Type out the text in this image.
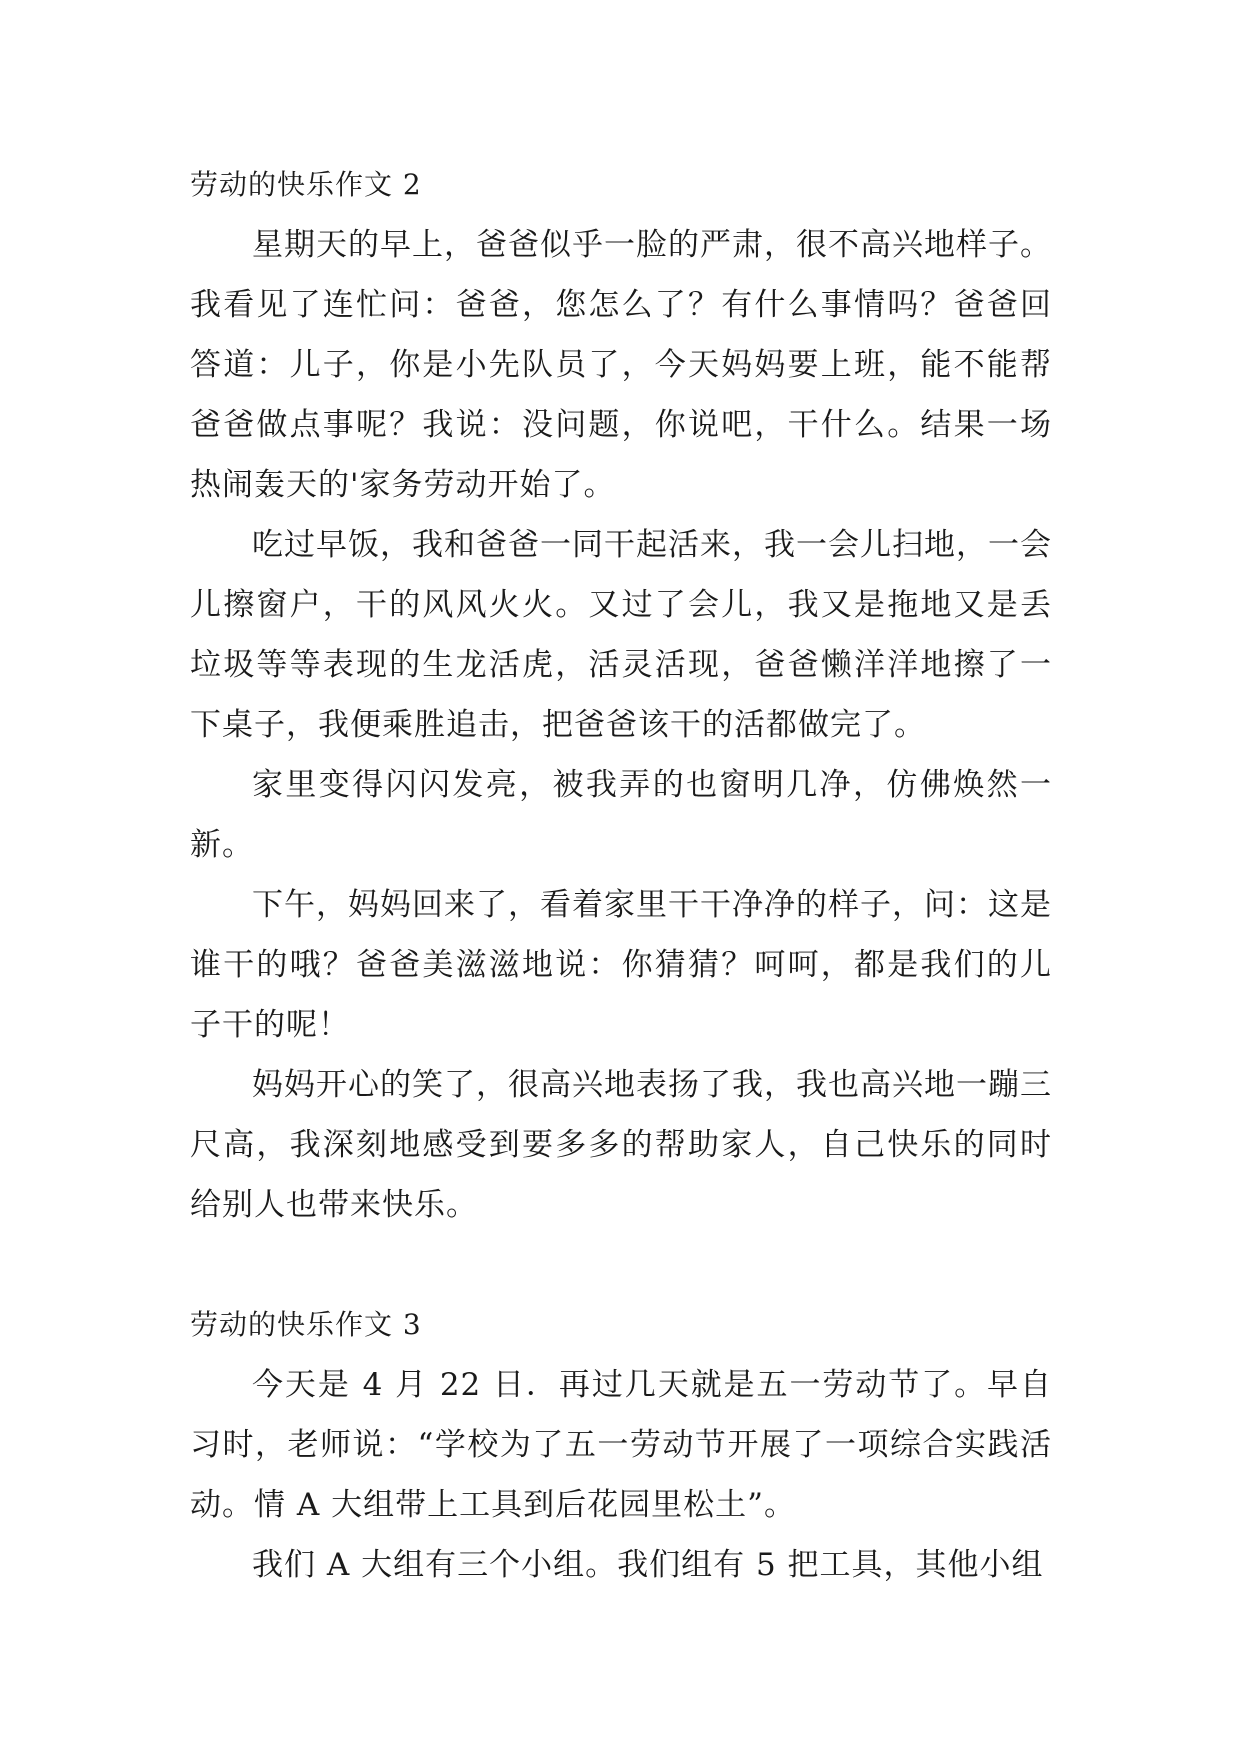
劳动的快乐作文 2

星期天的早上，爸爸似乎一脸的严肃，很不高兴地样子。我看见了连忙问：爸爸，您怎么了？有什么事情吗？爸爸回答道：儿子，你是小先队员了，今天妈妈要上班，能不能帮爸爸做点事呢？我说：没问题，你说吧，干什么。结果一场热闹轰天的'家务劳动开始了。

吃过早饭，我和爸爸一同干起活来，我一会儿扫地，一会儿擦窗户，干的风风火火。又过了会儿，我又是拖地又是丢垃圾等等表现的生龙活虎，活灵活现，爸爸懒洋洋地擦了一下桌子，我便乘胜追击，把爸爸该干的活都做完了。

家里变得闪闪发亮，被我弄的也窗明几净，仿佛焕然一新。

下午，妈妈回来了，看着家里干干净净的样子，问：这是谁干的哦？爸爸美滋滋地说：你猜猜？呵呵，都是我们的儿子干的呢！

妈妈开心的笑了，很高兴地表扬了我，我也高兴地一蹦三尺高，我深刻地感受到要多多的帮助家人，自己快乐的同时给别人也带来快乐。

劳动的快乐作文 3

今天是 4 月 22 日．再过几天就是五一劳动节了。早自习时，老师说：“学校为了五一劳动节开展了一项综合实践活动。情 A 大组带上工具到后花园里松土”。

我们 A 大组有三个小组。我们组有 5 把工具，其他小组
